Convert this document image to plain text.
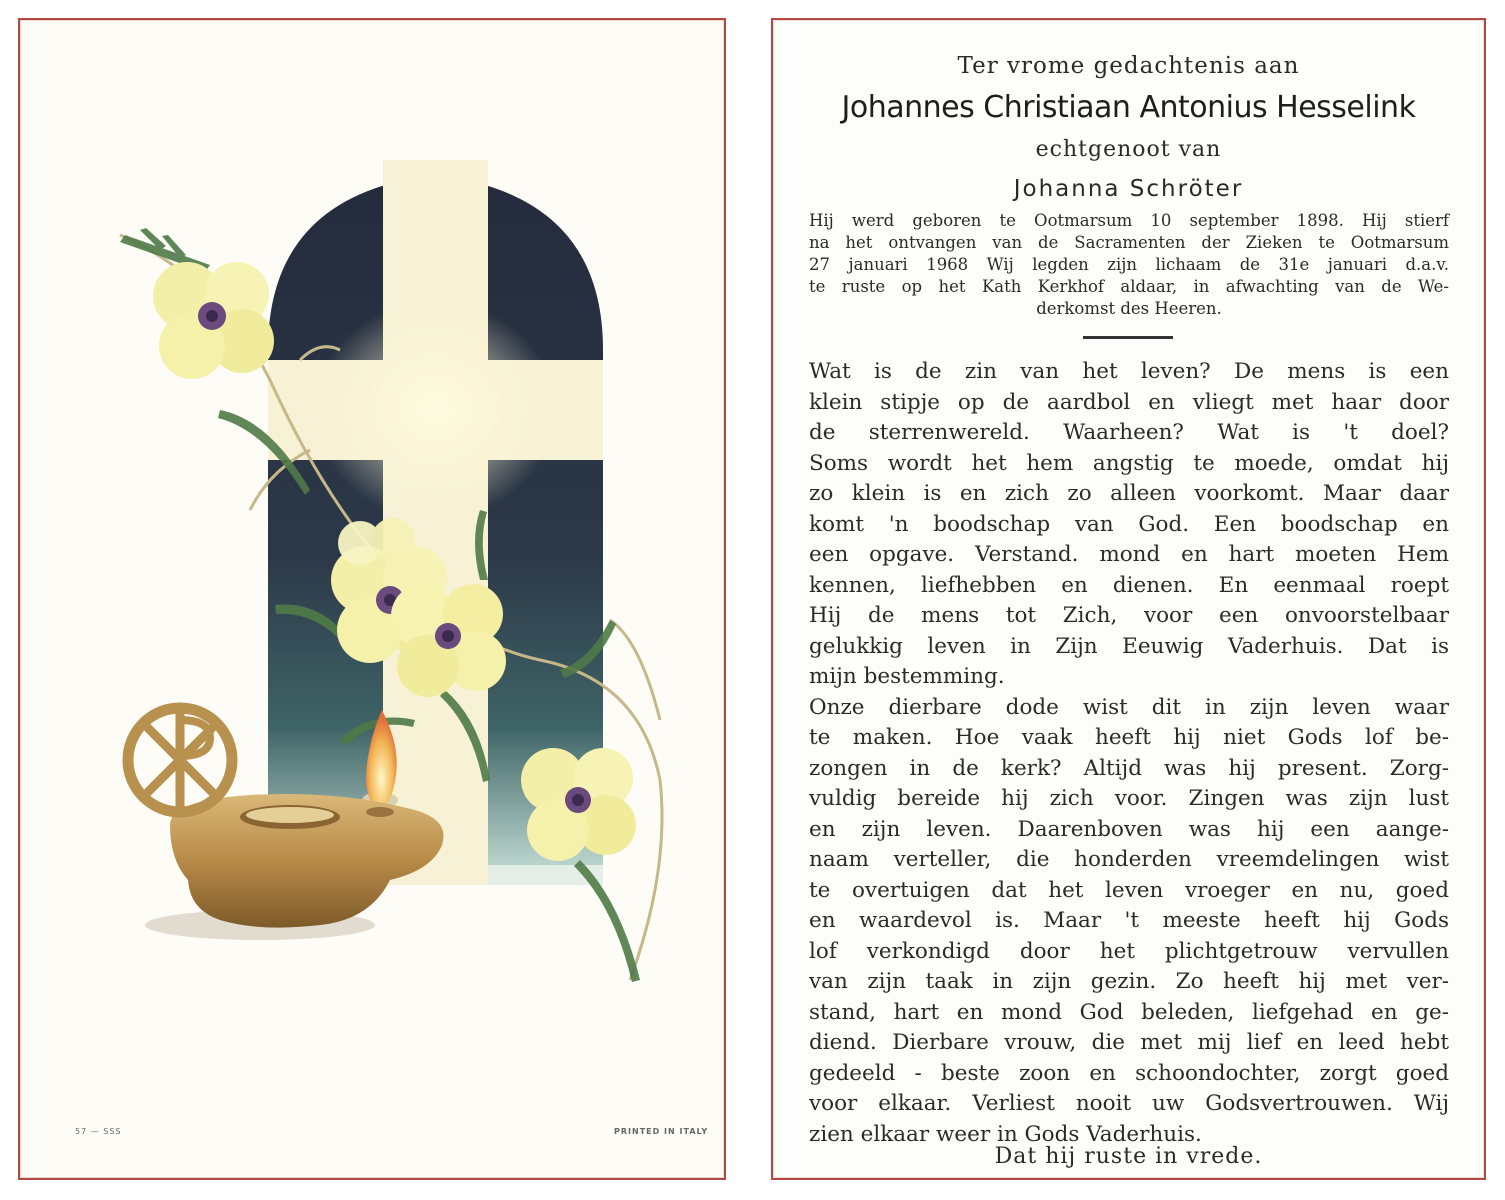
57 — SSS	PRINTED IN ITALY
Ter vrome gedachtenis aan
Johannes Christiaan Antonius Hesselink
echtgenoot van
Johanna Schröter
Hij werd geboren te Ootmarsum 10 september 1898. Hij stierf
na het ontvangen van de Sacramenten der Zieken te Ootmarsum
27 januari 1968 Wij legden zijn lichaam de 31e januari d.a.v.
te ruste op het Kath Kerkhof aldaar, in afwachting van de We-
derkomst des Heeren.
Wat is de zin van het leven? De mens is een
klein stipje op de aardbol en vliegt met haar door
de sterrenwereld. Waarheen? Wat is 't doel?
Soms wordt het hem angstig te moede, omdat hij
zo klein is en zich zo alleen voorkomt. Maar daar
komt 'n boodschap van God. Een boodschap en
een opgave. Verstand. mond en hart moeten Hem
kennen, liefhebben en dienen. En eenmaal roept
Hij de mens tot Zich, voor een onvoorstelbaar
gelukkig leven in Zijn Eeuwig Vaderhuis. Dat is
mijn bestemming.
Onze dierbare dode wist dit in zijn leven waar
te maken. Hoe vaak heeft hij niet Gods lof be-
zongen in de kerk? Altijd was hij present. Zorg-
vuldig bereide hij zich voor. Zingen was zijn lust
en zijn leven. Daarenboven was hij een aange-
naam verteller, die honderden vreemdelingen wist
te overtuigen dat het leven vroeger en nu, goed
en waardevol is. Maar 't meeste heeft hij Gods
lof verkondigd door het plichtgetrouw vervullen
van zijn taak in zijn gezin. Zo heeft hij met ver-
stand, hart en mond God beleden, liefgehad en ge-
diend. Dierbare vrouw, die met mij lief en leed hebt
gedeeld - beste zoon en schoondochter, zorgt goed
voor elkaar. Verliest nooit uw Godsvertrouwen. Wij
zien elkaar weer in Gods Vaderhuis.
Dat hij ruste in vrede.
